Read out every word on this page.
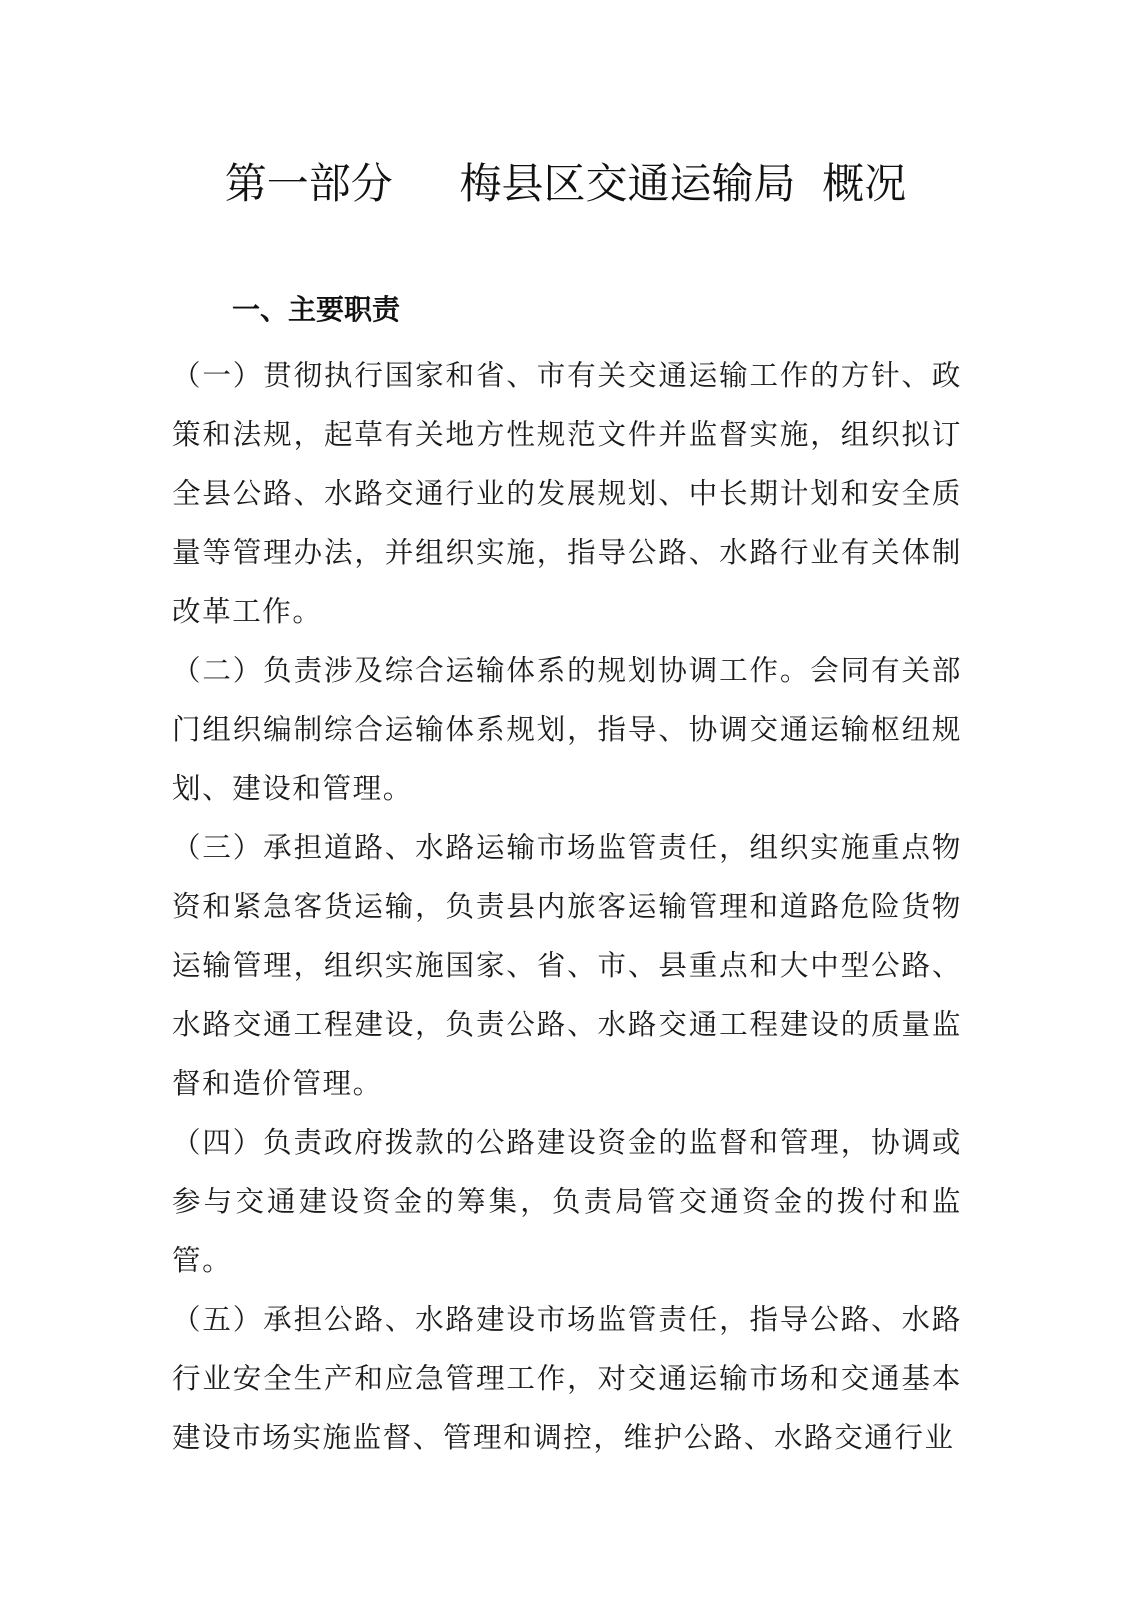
第一部分     梅县区交通运输局  概况
一、主要职责

（一）贯彻执行国家和省、市有关交通运输工作的方针、政策和法规，起草有关地方性规范文件并监督实施，组织拟订全县公路、水路交通行业的发展规划、中长期计划和安全质量等管理办法，并组织实施，指导公路、水路行业有关体制改革工作。

（二）负责涉及综合运输体系的规划协调工作。会同有关部门组织编制综合运输体系规划，指导、协调交通运输枢纽规划、建设和管理。

（三）承担道路、水路运输市场监管责任，组织实施重点物资和紧急客货运输，负责县内旅客运输管理和道路危险货物运输管理，组织实施国家、省、市、县重点和大中型公路、水路交通工程建设，负责公路、水路交通工程建设的质量监督和造价管理。

（四）负责政府拨款的公路建设资金的监督和管理，协调或参与交通建设资金的筹集，负责局管交通资金的拨付和监管。

（五）承担公路、水路建设市场监管责任，指导公路、水路行业安全生产和应急管理工作，对交通运输市场和交通基本建设市场实施监督、管理和调控，维护公路、水路交通行业
